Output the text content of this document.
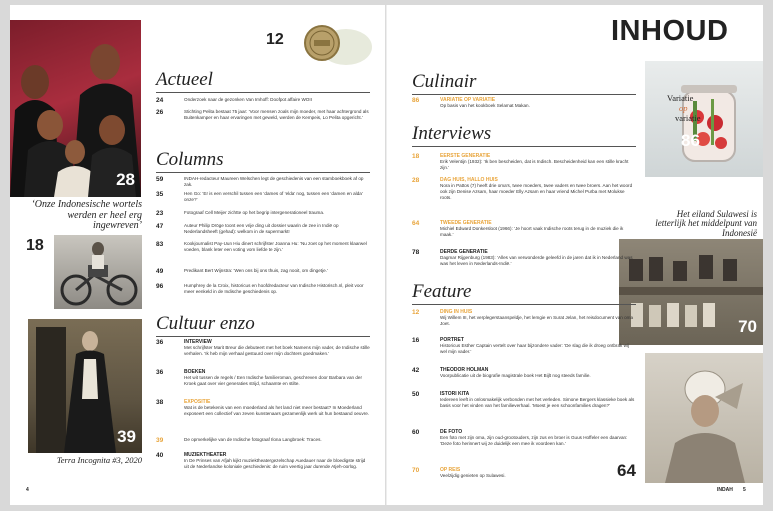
28
‘Onze Indonesische wortels werden er heel erg ingewreven’
18
39
Terra Incognita #3, 2020
12
Actueel
24	Onderzoek naar de gezonken Van Imhoff: Doofpot affaire WOII
26	Stichting Pelita bestaat 75 jaar: ‘Voor mensen zoals mijn moeder, met haar achtergrond als Buitenkamper en haar ervaringen met geweld, werden de Kempeis, Lo Pelita opgericht.’
Columns
59	INDAH-redacteur Maureen Welschen legt de geschiedenis van een stamboekboek af op zak.
35	Hen Go: ‘Er is een verschil tussen een ‘dames of ‘elda’ nog, tussen een ‘damen en alda’ onze?’
23	Fotograaf Cell Meijer zichtte op het begrip intergenerationeel trauma.
47	Auteur Philip Dröge toont een vrije ding uit dossier waarin de zee in Indië op Nederlandsheeft (gehad): welkom in de supermarkt!
83	Kookjournalist Pay-Uun Hiu dinert schrijfster Joanna Hu: ‘Nu zoet op het moment klaarwel voeden, blank leter een voting vom liefde te zijn.’
49	Predikant Bert Wijnstra: ‘Wen ons bij ons thuis, zag nooit, om dingetje.’
96	Humphrey de la Croix, historicus en hoofdredacteur van Indische Historisch.nl, pleit voor meer eenkeld in de Indische geschiedenis op.
Cultuur enzo
36	INTERVIEW
Met schrijfster Marit Breur die debuteert met het boek Namens mijn vader, de Indische stille verhalen. ‘Ik heb mijn verhaal gestuurd over mijn dochters goedmaken.’
36	BOEKEN
Het wit tussen de regels / Een Indische familieroman, geschreven door Barbara van der Kroek gaat over vier generaties strijd, schaamte en stilte.
38	EXPOSITIE
Wat is de betekenis van een moederland als het land niet meer bestaat? In Moederland exposeert een collectief van zeven kunstenaars gezamenlijk werk uit hun bestaand oeuvre.
39	De opmerkelijke van de Indische fotograaf Ilona Langbroek: Traces.
40	MUZIEKTHEATER
In De Prinses van Afjah kijkt muziektheatergezelschap Auedauer naar de bloedigste strijd uit de Nederlandse koloniale geschiedenis: de ruim veertig jaar durende Atjeh-oorlog.
4
INHOUD
Variatie
op
variatie
86
Het eiland Sulawesi is letterlijk het middelpunt van Indonesië
70
64
Culinair
86	VARIATIE OP VARIATIE
Op basis van het kookboek Selamat Makan.
Interviews
18	EERSTE GENERATIE
Erik Velentijn (1932): ‘Ik ben bescheiden, dat is Indisch. Bescheidenheid kan een stille kracht zijn.’
28	DAG HUIS, HALLO HUIS
Nora in Pattos (7) heeft drie oma's, twee moeders, twee vaders en twee broers. Aan het woord ook zijn Denise Azsam, haar moeder Elly Azsam en haar vriend Michel Purba met Molukse roots.
64	TWEEDE GENERATIE
Michiel Edward Donkersloot (1966): ‘Je hoort vaak Indische roots terug in de muziek die ik maak.’
78	DERDE GENERATIE
Dagmar Rijgenburg (1983): ‘Alles van verwonderde geleefd in de jaren dat ik in Nederland was was het leven in Nederlands-Indië.’
Feature
12	DING IN HUIS
Wij Willem III, het verplegerstaanspeldje, het lemgie en Surat Jelan, het reisdocument van oma Joet.
16	PORTRET
Historicus Esther Captain vertelt over haar bijzondere vader: ‘De slag die ik droeg ontbrak wij wel mijn vader.’
42	THEODOR HOLMAN
Voorpublicatie uit de biografie magistrale boek Het Bijlt nog steeds familie.
50	ISTORI KITA
Iedereen leeft in onlosmakelijk verbonden met het verleden. Simone Bergers klassieke boek als basis voor het vinden van het familieverhaal. ‘Moest je een schoonfamilies dragen?’
60	DE FOTO
Een foto met zijn oma, zijn oud-grootouders, zijn zus en broer is Guus Hoffeler een daarvan: ‘Deze foto herinnert wij ze duidelijk een mee ik voordeen kan.’
70	OP REIS
Veelzijdig genieten op Sulawesi.
INDAH 5
